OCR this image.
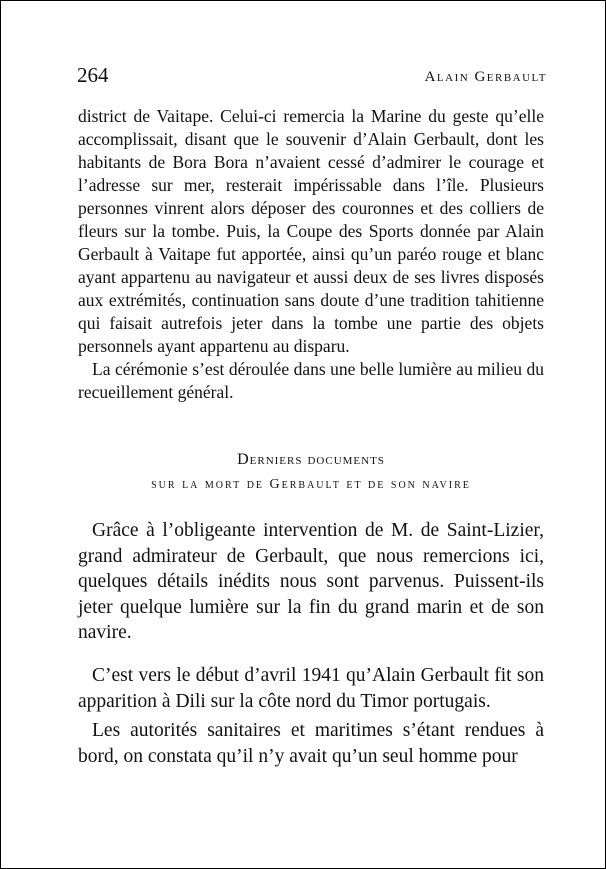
264	Alain Gerbault

district de Vaitape. Celui-ci remercia la Marine du geste qu’elle accomplissait, disant que le souvenir d’Alain Gerbault, dont les habitants de Bora Bora n’avaient cessé d’admirer le courage et l’adresse sur mer, resterait impérissable dans l’île. Plusieurs personnes vinrent alors déposer des couronnes et des colliers de fleurs sur la tombe. Puis, la Coupe des Sports donnée par Alain Gerbault à Vaitape fut apportée, ainsi qu’un paréo rouge et blanc ayant appartenu au navigateur et aussi deux de ses livres disposés aux extrémités, continuation sans doute d’une tradition tahitienne qui faisait autrefois jeter dans la tombe une partie des objets personnels ayant appartenu au disparu.

La cérémonie s’est déroulée dans une belle lumière au milieu du recueillement général.

Derniers documents
sur la mort de Gerbault et de son navire

Grâce à l’obligeante intervention de M. de Saint-Lizier, grand admirateur de Gerbault, que nous remercions ici, quelques détails inédits nous sont parvenus. Puissent-ils jeter quelque lumière sur la fin du grand marin et de son navire.

C’est vers le début d’avril 1941 qu’Alain Gerbault fit son apparition à Dili sur la côte nord du Timor portugais.

Les autorités sanitaires et maritimes s’étant rendues à bord, on constata qu’il n’y avait qu’un seul homme pour
